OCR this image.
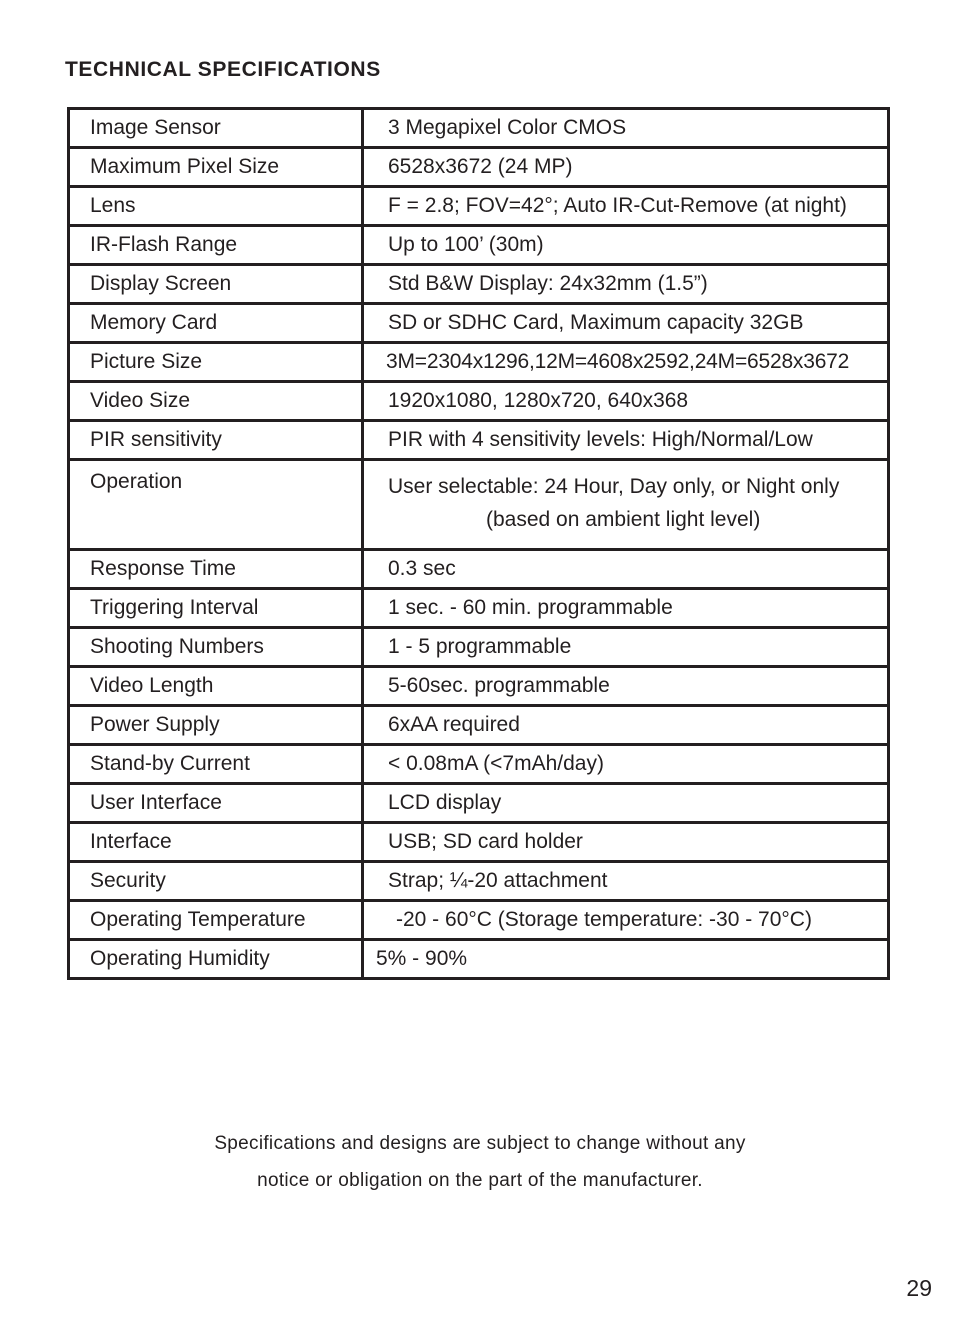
TECHNICAL SPECIFICATIONS
Image Sensor	3 Megapixel Color CMOS
Maximum Pixel Size	6528x3672 (24 MP)
Lens	F = 2.8; FOV=42°; Auto IR-Cut-Remove (at night)
IR-Flash Range	Up to 100’ (30m)
Display Screen	Std B&W Display: 24x32mm (1.5”)
Memory Card	SD or SDHC Card, Maximum capacity 32GB
Picture Size	3M=2304x1296,12M=4608x2592,24M=6528x3672
Video Size	1920x1080, 1280x720, 640x368
PIR sensitivity	PIR with 4 sensitivity levels: High/Normal/Low
Operation	User selectable: 24 Hour, Day only, or Night only
(based on ambient light level)

Response Time	0.3 sec
Triggering Interval	1 sec. - 60 min. programmable
Shooting Numbers	1 - 5 programmable
Video Length	5-60sec. programmable
Power Supply	6xAA required
Stand-by Current	< 0.08mA (<7mAh/day)
User Interface	LCD display
Interface	USB; SD card holder
Security	Strap; ¼-20 attachment
Operating Temperature	-20 - 60°C (Storage temperature: -30 - 70°C)
Operating Humidity	5% - 90%
Specifications and designs are subject to change without any
notice or obligation on the part of the manufacturer.
29
